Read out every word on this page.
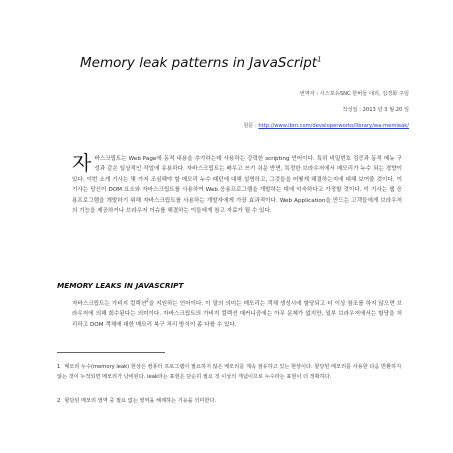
Memory leak patterns in JavaScript$^1$
번역자 : 시스포유SNC 한버들 대리, 김경화 주임
작성일 : 2013 년 3 월 20 일
원문 : http://www.ibm.com/developerworks/library/wa-memleak/
자바스크립트는 Web Page에 동적 내용을 추가하는데 사용하는 강력한 scripting 언어이다. 특히 비밀번호 검증과 동적 메뉴 구성과 같은 일상적인 작업에 유용하다. 자바스크립트는 배우고 쓰기 쉬운 반면, 특정한 브라우저에서 메모리가 누수 되는 경향이 있다. 이번 소개 기사는 몇 가지 조심해야 할 메모리 누수 패턴에 대해 설명하고, 그것들을 어떻게 해결하는지에 대해 보여줄 것이다. 이 기사는 당신이 DOM 요소와 자바스크립트를 사용하여 Web 응용프로그램을 개발하는 데에 익숙하다고 가정할 것이다. 이 기사는 웹 응용프로그램을 개발하기 위해 자바스크립트를 사용하는 개발자에게 가장 효과적이다. Web Application을 만드는 고객들에게 브라우저의 기능을 제공하거나 브라우저 이슈를 해결하는 이들에게 참고 자료가 될 수 있다.
MEMORY LEAKS IN JAVASCRIPT
자바스크립트는 가비지 컬렉션$^2$을 지원하는 언어이다. 이 말의 의미는 메모리는 객체 생성시에 할당되고 더 이상 참조를 하지 않으면 브라우저에 의해 회수된다는 의미이다. 자바스크립트의 가비지 컬렉션 매커니즘에는 아무 문제가 없지만, 일부 브라우저에서는 할당을 처리하고 DOM 객체에 대한 메모리 복구 처리 방식이 좀 다를 수 있다.
1 메모리 누수(memory leak) 현상은 컴퓨터 프로그램이 필요하지 않은 메모리를 계속 점유하고 있는 현상이다. 할당된 메모리를 사용한 다음 반환하지 않는 것이 누적되면 메모리가 낭비된다. leak라는 표현은 단순히 필요 것 이상의 개념이므로 누수라는 표현이 더 정확하다.
2 할당된 메모리 영역 중 필요 없는 영역을 해제하는 기능을 의미한다.
